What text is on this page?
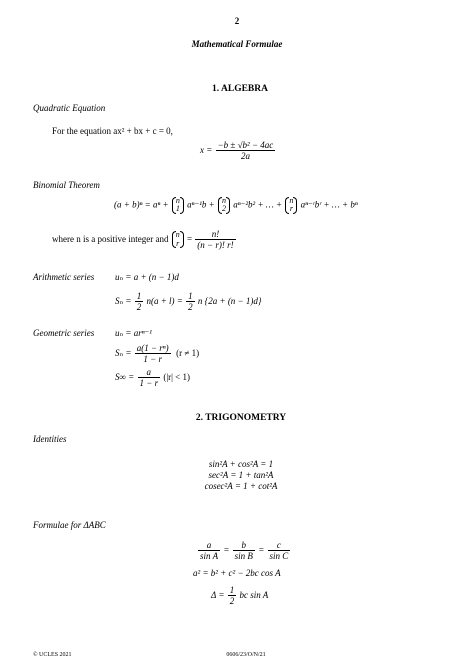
2
Mathematical Formulae
1. ALGEBRA
Quadratic Equation
For the equation ax² + bx + c = 0,
$x = \frac{\text{−b ± √b² − 4ac}}{2a}$
Binomial Theorem
(a + b)ⁿ = aⁿ + n
1 aⁿ⁻¹b + n
2 aⁿ⁻²b² + … + n
r aⁿ⁻ʳbʳ + … + bⁿ
where n is a positive integer and n
$r = \frac{n!}{(n - r)! r!}$
Arithmetic series uₙ = a + (n − 1)d
$S_n = \frac{1}{2} n(a + l) = \frac{1}{2}$ n {2a + (n − 1)d}
Geometric series uₙ = arⁿ⁻¹
$S_n = \frac{\text{a(1 − rⁿ)}}{1 - r} (r \ne 1)$
$S\infty = \frac{a}{1 - r} (|r| < 1)$
2. TRIGONOMETRY
Identities
sin²A + cos²A = 1
sec²A = 1 + tan²A
cosec²A = 1 + cot²A
Formulae for ΔABC
$\frac{a}{\text{sin A}} = \frac{b}{\text{sin B}} = \frac{c}{\text{sin C}}$
a² = b² + c² − 2bc cos A
$\Delta = \frac{1}{2}$ bc sin A
© UCLES 2021	0606/23/O/N/21
